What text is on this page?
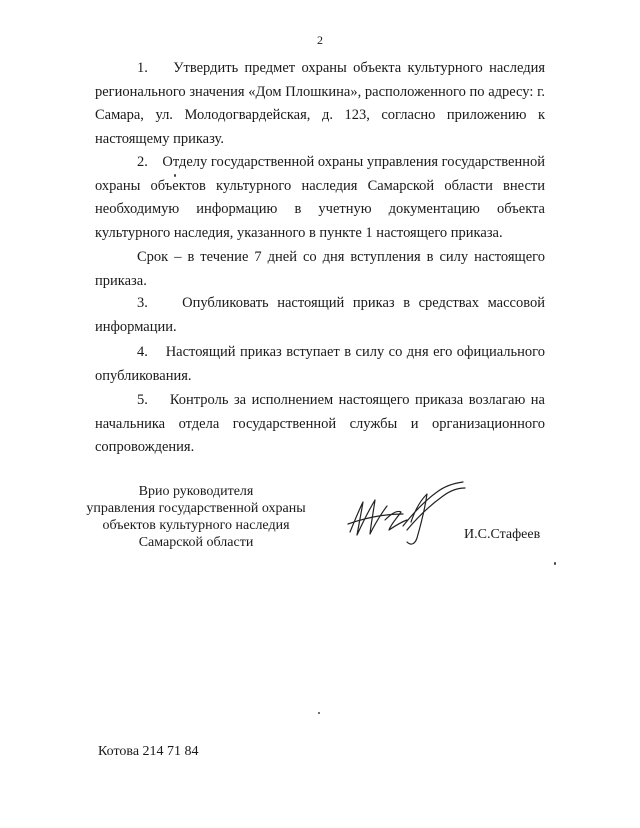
2

1.    Утвердить предмет охраны объекта культурного наследия регионального значения «Дом Плошкина», расположенного по адресу: г. Самара, ул. Молодогвардейская, д. 123, согласно приложению к настоящему приказу.

2.    Отделу государственной охраны управления государственной охраны объектов культурного наследия Самарской области внести необходимую информацию в учетную документацию объекта культурного наследия, указанного в пункте 1 настоящего приказа.

Срок – в течение 7 дней со дня вступления в силу настоящего приказа.

3.    Опубликовать настоящий приказ в средствах массовой информации.

4.    Настоящий приказ вступает в силу со дня его официального опубликования.

5.    Контроль за исполнением настоящего приказа возлагаю на начальника отдела государственной службы и организационного сопровождения.

Врио руководителя
управления государственной охраны
объектов культурного наследия
Самарской области
И.С.Стафеев
Котова 214 71 84
